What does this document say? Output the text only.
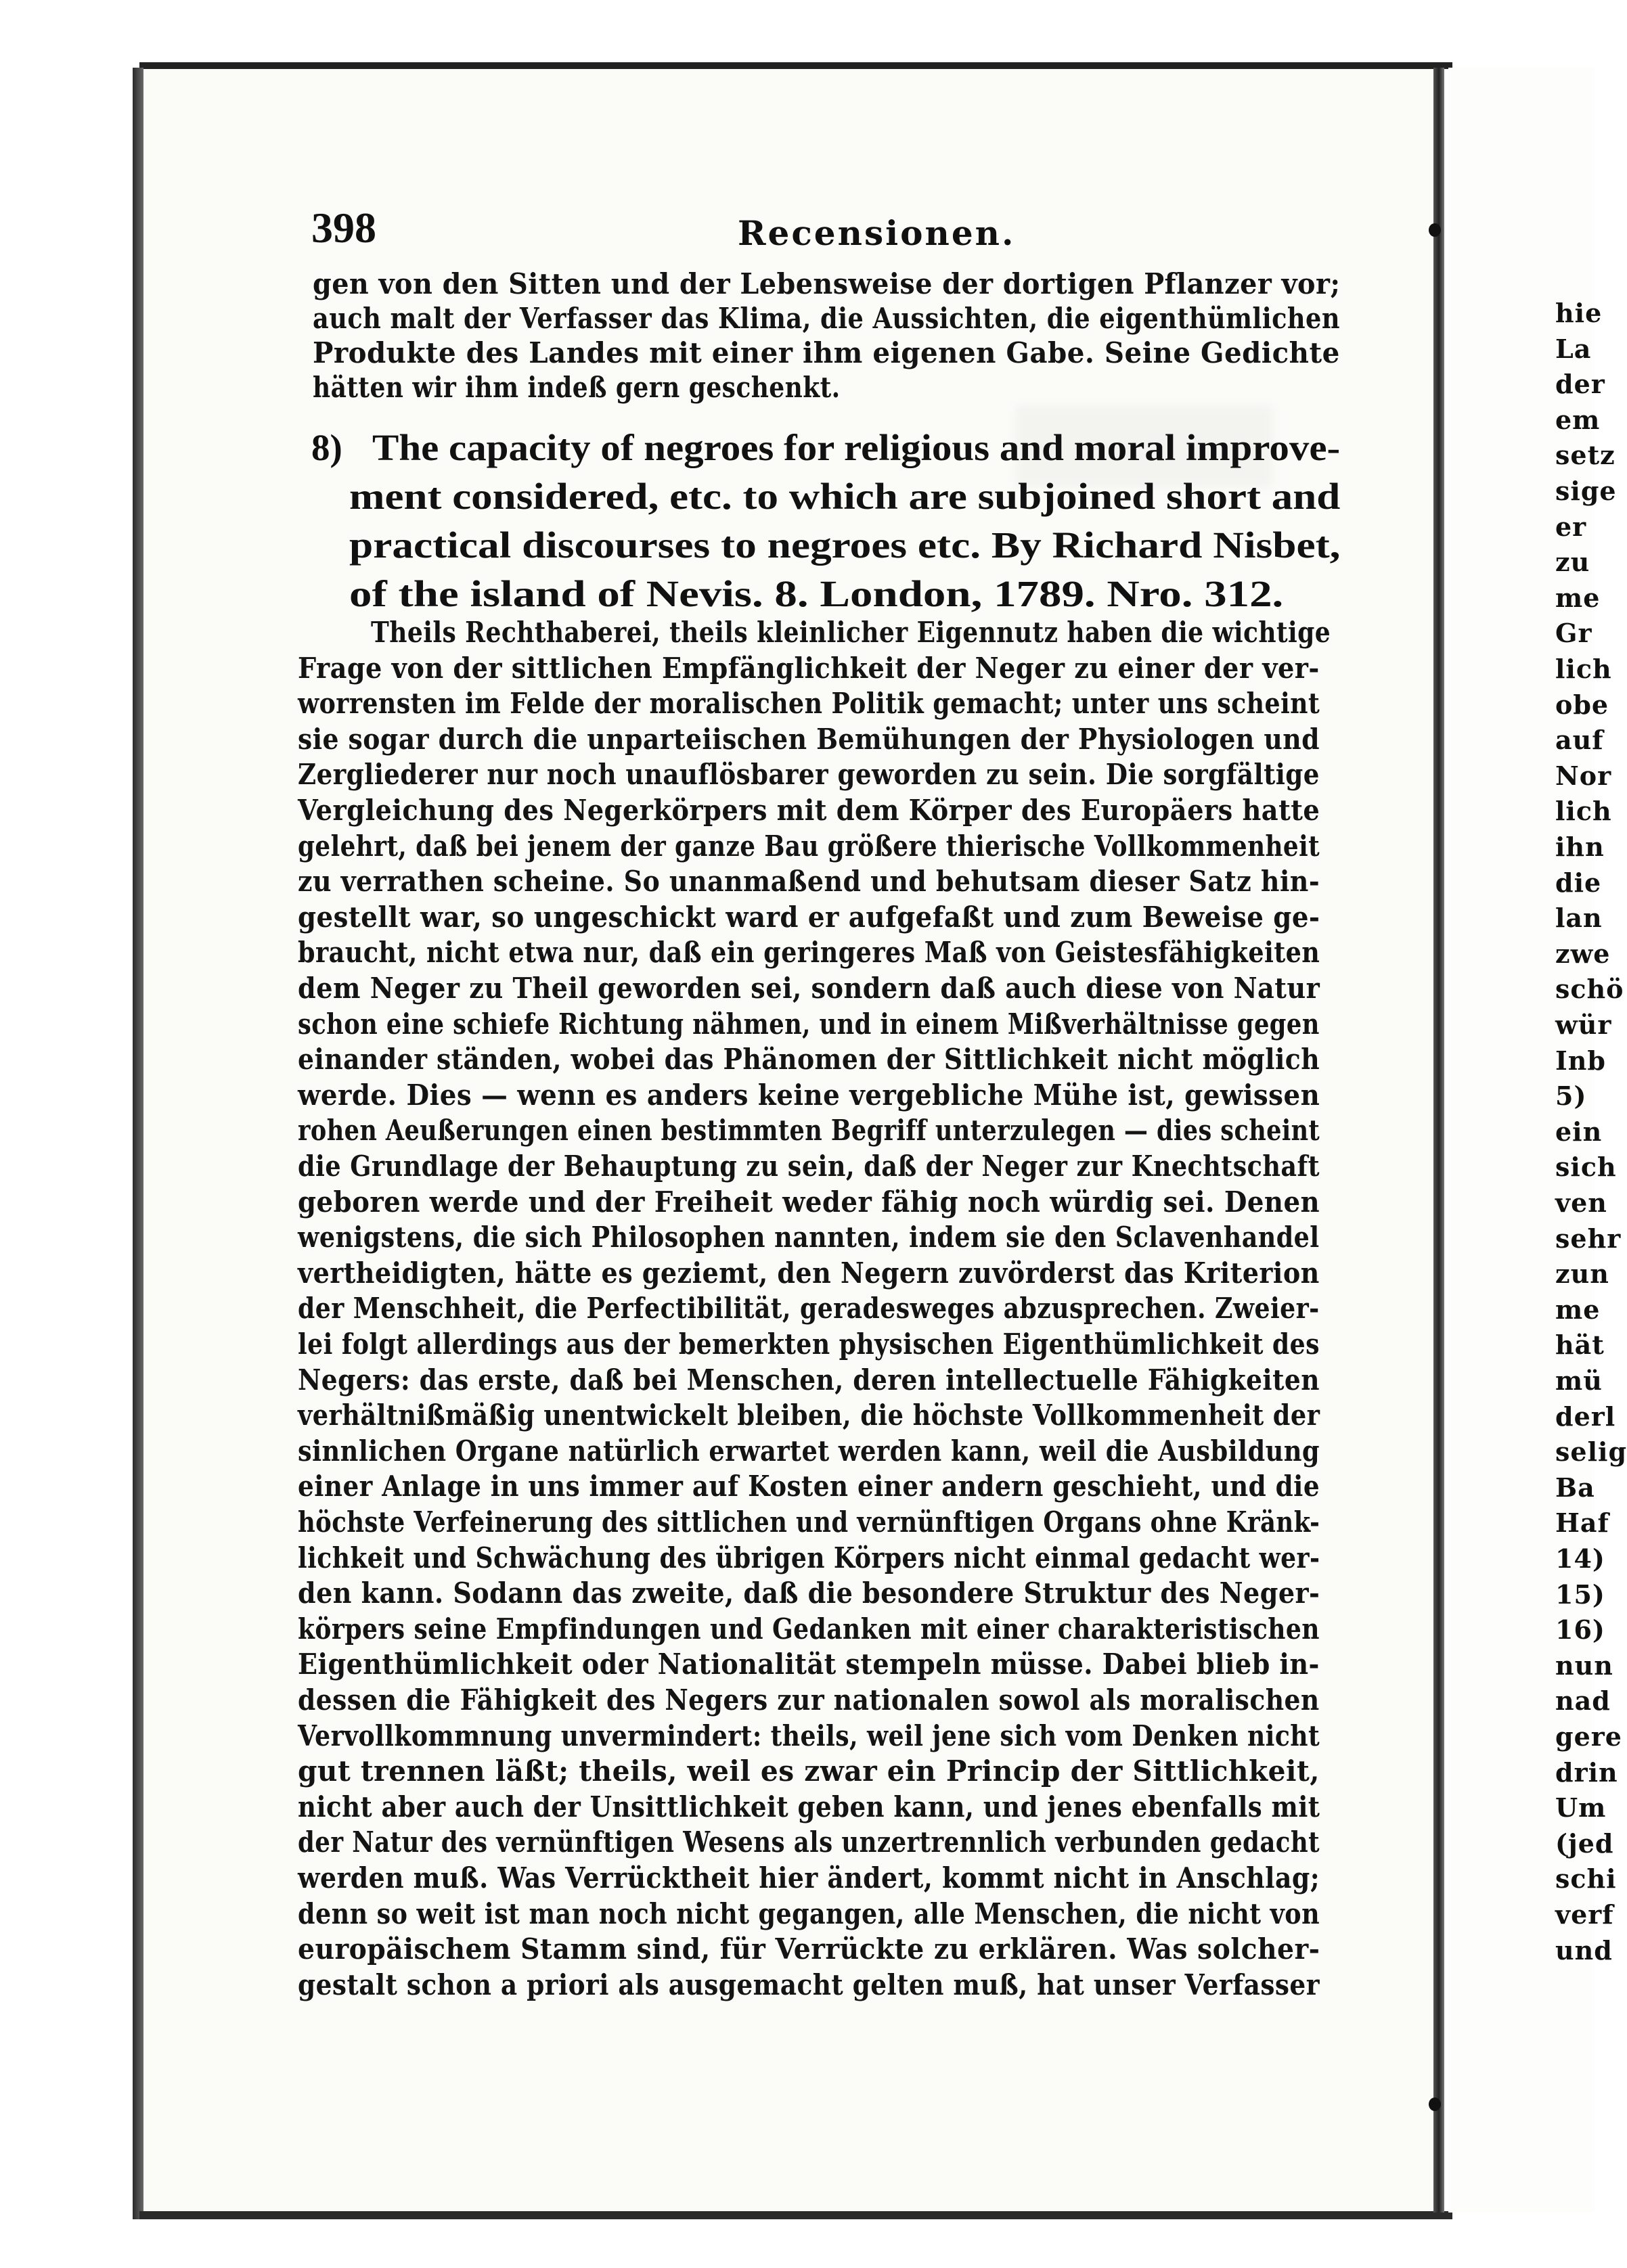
398	Recensionen.
gen von den Sitten und der Lebensweise der dortigen Pflanzer vor;
auch malt der Verfasser das Klima, die Aussichten, die eigenthümlichen
Produkte des Landes mit einer ihm eigenen Gabe. Seine Gedichte
hätten wir ihm indeß gern geschenkt.
8) The capacity of negroes for religious and moral improve-
ment considered, etc. to which are subjoined short and
practical discourses to negroes etc. By Richard Nisbet,
of the island of Nevis. 8. London, 1789. Nro. 312.
Theils Rechthaberei, theils kleinlicher Eigennutz haben die wichtige
Frage von der sittlichen Empfänglichkeit der Neger zu einer der ver-
worrensten im Felde der moralischen Politik gemacht; unter uns scheint
sie sogar durch die unparteiischen Bemühungen der Physiologen und
Zergliederer nur noch unauflösbarer geworden zu sein. Die sorgfältige
Vergleichung des Negerkörpers mit dem Körper des Europäers hatte
gelehrt, daß bei jenem der ganze Bau größere thierische Vollkommenheit
zu verrathen scheine. So unanmaßend und behutsam dieser Satz hin-
gestellt war, so ungeschickt ward er aufgefaßt und zum Beweise ge-
braucht, nicht etwa nur, daß ein geringeres Maß von Geistesfähigkeiten
dem Neger zu Theil geworden sei, sondern daß auch diese von Natur
schon eine schiefe Richtung nähmen, und in einem Mißverhältnisse gegen
einander ständen, wobei das Phänomen der Sittlichkeit nicht möglich
werde. Dies — wenn es anders keine vergebliche Mühe ist, gewissen
rohen Aeußerungen einen bestimmten Begriff unterzulegen — dies scheint
die Grundlage der Behauptung zu sein, daß der Neger zur Knechtschaft
geboren werde und der Freiheit weder fähig noch würdig sei. Denen
wenigstens, die sich Philosophen nannten, indem sie den Sclavenhandel
vertheidigten, hätte es geziemt, den Negern zuvörderst das Kriterion
der Menschheit, die Perfectibilität, geradesweges abzusprechen. Zweier-
lei folgt allerdings aus der bemerkten physischen Eigenthümlichkeit des
Negers: das erste, daß bei Menschen, deren intellectuelle Fähigkeiten
verhältnißmäßig unentwickelt bleiben, die höchste Vollkommenheit der
sinnlichen Organe natürlich erwartet werden kann, weil die Ausbildung
einer Anlage in uns immer auf Kosten einer andern geschieht, und die
höchste Verfeinerung des sittlichen und vernünftigen Organs ohne Kränk-
lichkeit und Schwächung des übrigen Körpers nicht einmal gedacht wer-
den kann. Sodann das zweite, daß die besondere Struktur des Neger-
körpers seine Empfindungen und Gedanken mit einer charakteristischen
Eigenthümlichkeit oder Nationalität stempeln müsse. Dabei blieb in-
dessen die Fähigkeit des Negers zur nationalen sowol als moralischen
Vervollkommnung unvermindert: theils, weil jene sich vom Denken nicht
gut trennen läßt; theils, weil es zwar ein Princip der Sittlichkeit,
nicht aber auch der Unsittlichkeit geben kann, und jenes ebenfalls mit
der Natur des vernünftigen Wesens als unzertrennlich verbunden gedacht
werden muß. Was Verrücktheit hier ändert, kommt nicht in Anschlag;
denn so weit ist man noch nicht gegangen, alle Menschen, die nicht von
europäischem Stamm sind, für Verrückte zu erklären. Was solcher-
gestalt schon a priori als ausgemacht gelten muß, hat unser Verfasser
hie
La
der
em
setz
sige
er
zu
me
Gr
lich
obe
auf
Nor
lich
ihn
die
lan
zwe
schö
wür
Inb
5)
ein
sich
ven
sehr
zun
me
hät
mü
derl
selig
Ba
Haf
14)
15)
16)
nun
nad
gere
drin
Um
(jed
schi
verf
und
